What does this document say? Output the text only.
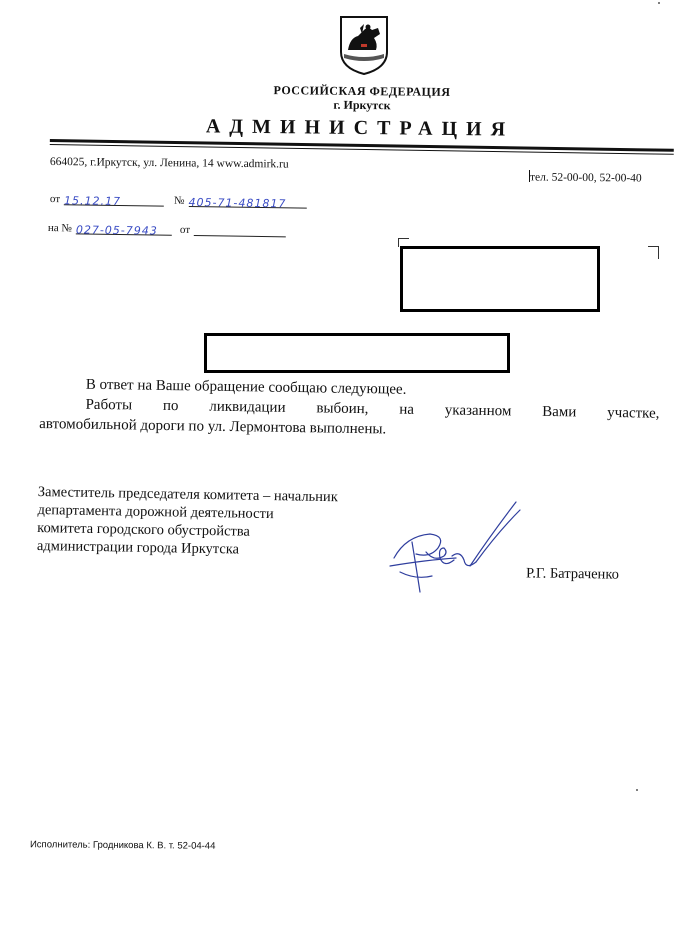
РОССИЙСКАЯ ФЕДЕРАЦИЯ
г. Иркутск
АДМИНИСТРАЦИЯ
664025, г.Иркутск, ул. Ленина, 14 www.admirk.ru
тел. 52-00-00, 52-00-40
от 15.12.17	№ 405-71-481817
на № 027-05-7943	от
В ответ на Ваше обращение сообщаю следующее.
Работы по ликвидации выбоин, на указанном Вами участке,
автомобильной дороги по ул. Лермонтова выполнены.
Заместитель председателя комитета – начальник
департамента дорожной деятельности
комитета городского обустройства
администрации города Иркутска
Р.Г. Батраченко
Исполнитель: Гродникова К. В. т. 52-04-44
